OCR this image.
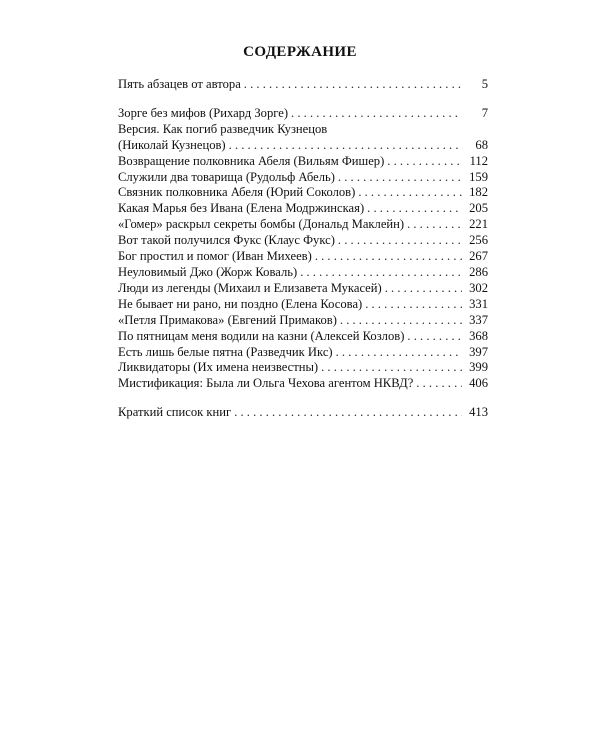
СОДЕРЖАНИЕ
Пять абзацев от автора . . .	5
Зорге без мифов (Рихард Зорге) . . .	7
Версия. Как погиб разведчик Кузнецов
(Николай Кузнецов) . . .	68
Возвращение полковника Абеля (Вильям Фишер) . . .	112
Служили два товарища (Рудольф Абель) . . .	159
Связник полковника Абеля (Юрий Соколов) . . .	182
Какая Марья без Ивана (Елена Модржинская) . . .	205
«Гомер» раскрыл секреты бомбы (Дональд Маклейн) . . .	221
Вот такой получился Фукс (Клаус Фукс) . . .	256
Бог простил и помог (Иван Михеев) . . .	267
Неуловимый Джо (Жорж Коваль) . . .	286
Люди из легенды (Михаил и Елизавета Мукасей) . . .	302
Не бывает ни рано, ни поздно (Елена Косова) . . .	331
«Петля Примакова» (Евгений Примаков) . . .	337
По пятницам меня водили на казни (Алексей Козлов) . . .	368
Есть лишь белые пятна (Разведчик Икс) . . .	397
Ликвидаторы (Их имена неизвестны) . . .	399
Мистификация: Была ли Ольга Чехова агентом НКВД? . . .	406
Краткий список книг . . .	413
